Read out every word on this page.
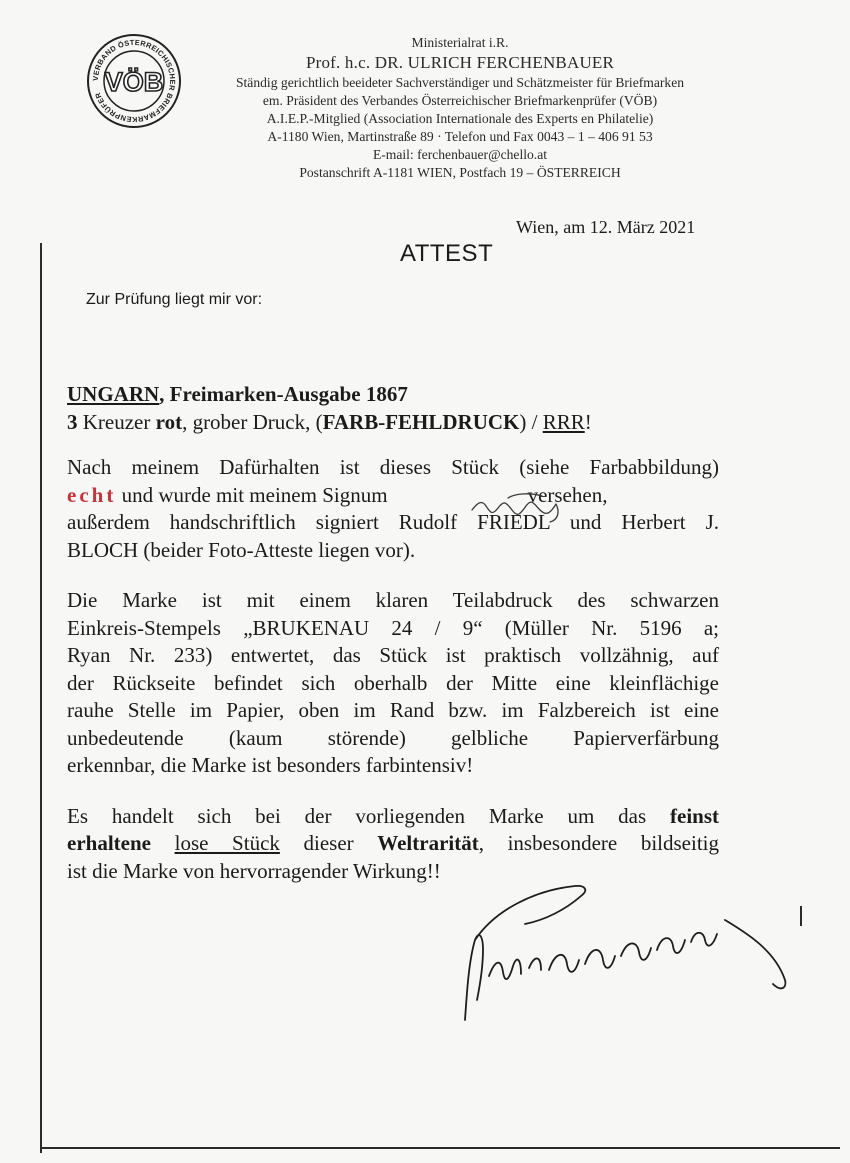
VERBAND ÖSTERREICHISCHER BRIEFMARKENPRÜFER VÖB
Ministerialrat i.R.
Prof. h.c. DR. ULRICH FERCHENBAUER
Ständig gerichtlich beeideter Sachverständiger und Schätzmeister für Briefmarken
em. Präsident des Verbandes Österreichischer Briefmarkenprüfer (VÖB)
A.I.E.P.-Mitglied (Association Internationale des Experts en Philatelie)
A-1180 Wien, Martinstraße 89 · Telefon und Fax 0043 – 1 – 406 91 53
E-mail: ferchenbauer@chello.at
Postanschrift A-1181 WIEN, Postfach 19 – ÖSTERREICH
Wien, am 12. März 2021
ATTEST
Zur Prüfung liegt mir vor:

UNGARN, Freimarken-Ausgabe 1867
3 Kreuzer rot, grober Druck, (FARB-FEHLDRUCK) / RRR!

Nach meinem Dafürhalten ist dieses Stück (siehe Farbabbildung)
echt und wurde mit meinem Signum	versehen,
außerdem handschriftlich signiert Rudolf FRIEDL und Herbert J.
BLOCH (beider Foto-Atteste liegen vor).

Die Marke ist mit einem klaren Teilabdruck des schwarzen
Einkreis-Stempels „BRUKENAU 24 / 9“ (Müller Nr. 5196 a;
Ryan Nr. 233) entwertet, das Stück ist praktisch vollzähnig, auf
der Rückseite befindet sich oberhalb der Mitte eine kleinflächige
rauhe Stelle im Papier, oben im Rand bzw. im Falzbereich ist eine
unbedeutende (kaum störende) gelbliche Papierverfärbung
erkennbar, die Marke ist besonders farbintensiv!

Es handelt sich bei der vorliegenden Marke um das feinst
erhaltene lose Stück dieser Weltrarität, insbesondere bildseitig
ist die Marke von hervorragender Wirkung!!
